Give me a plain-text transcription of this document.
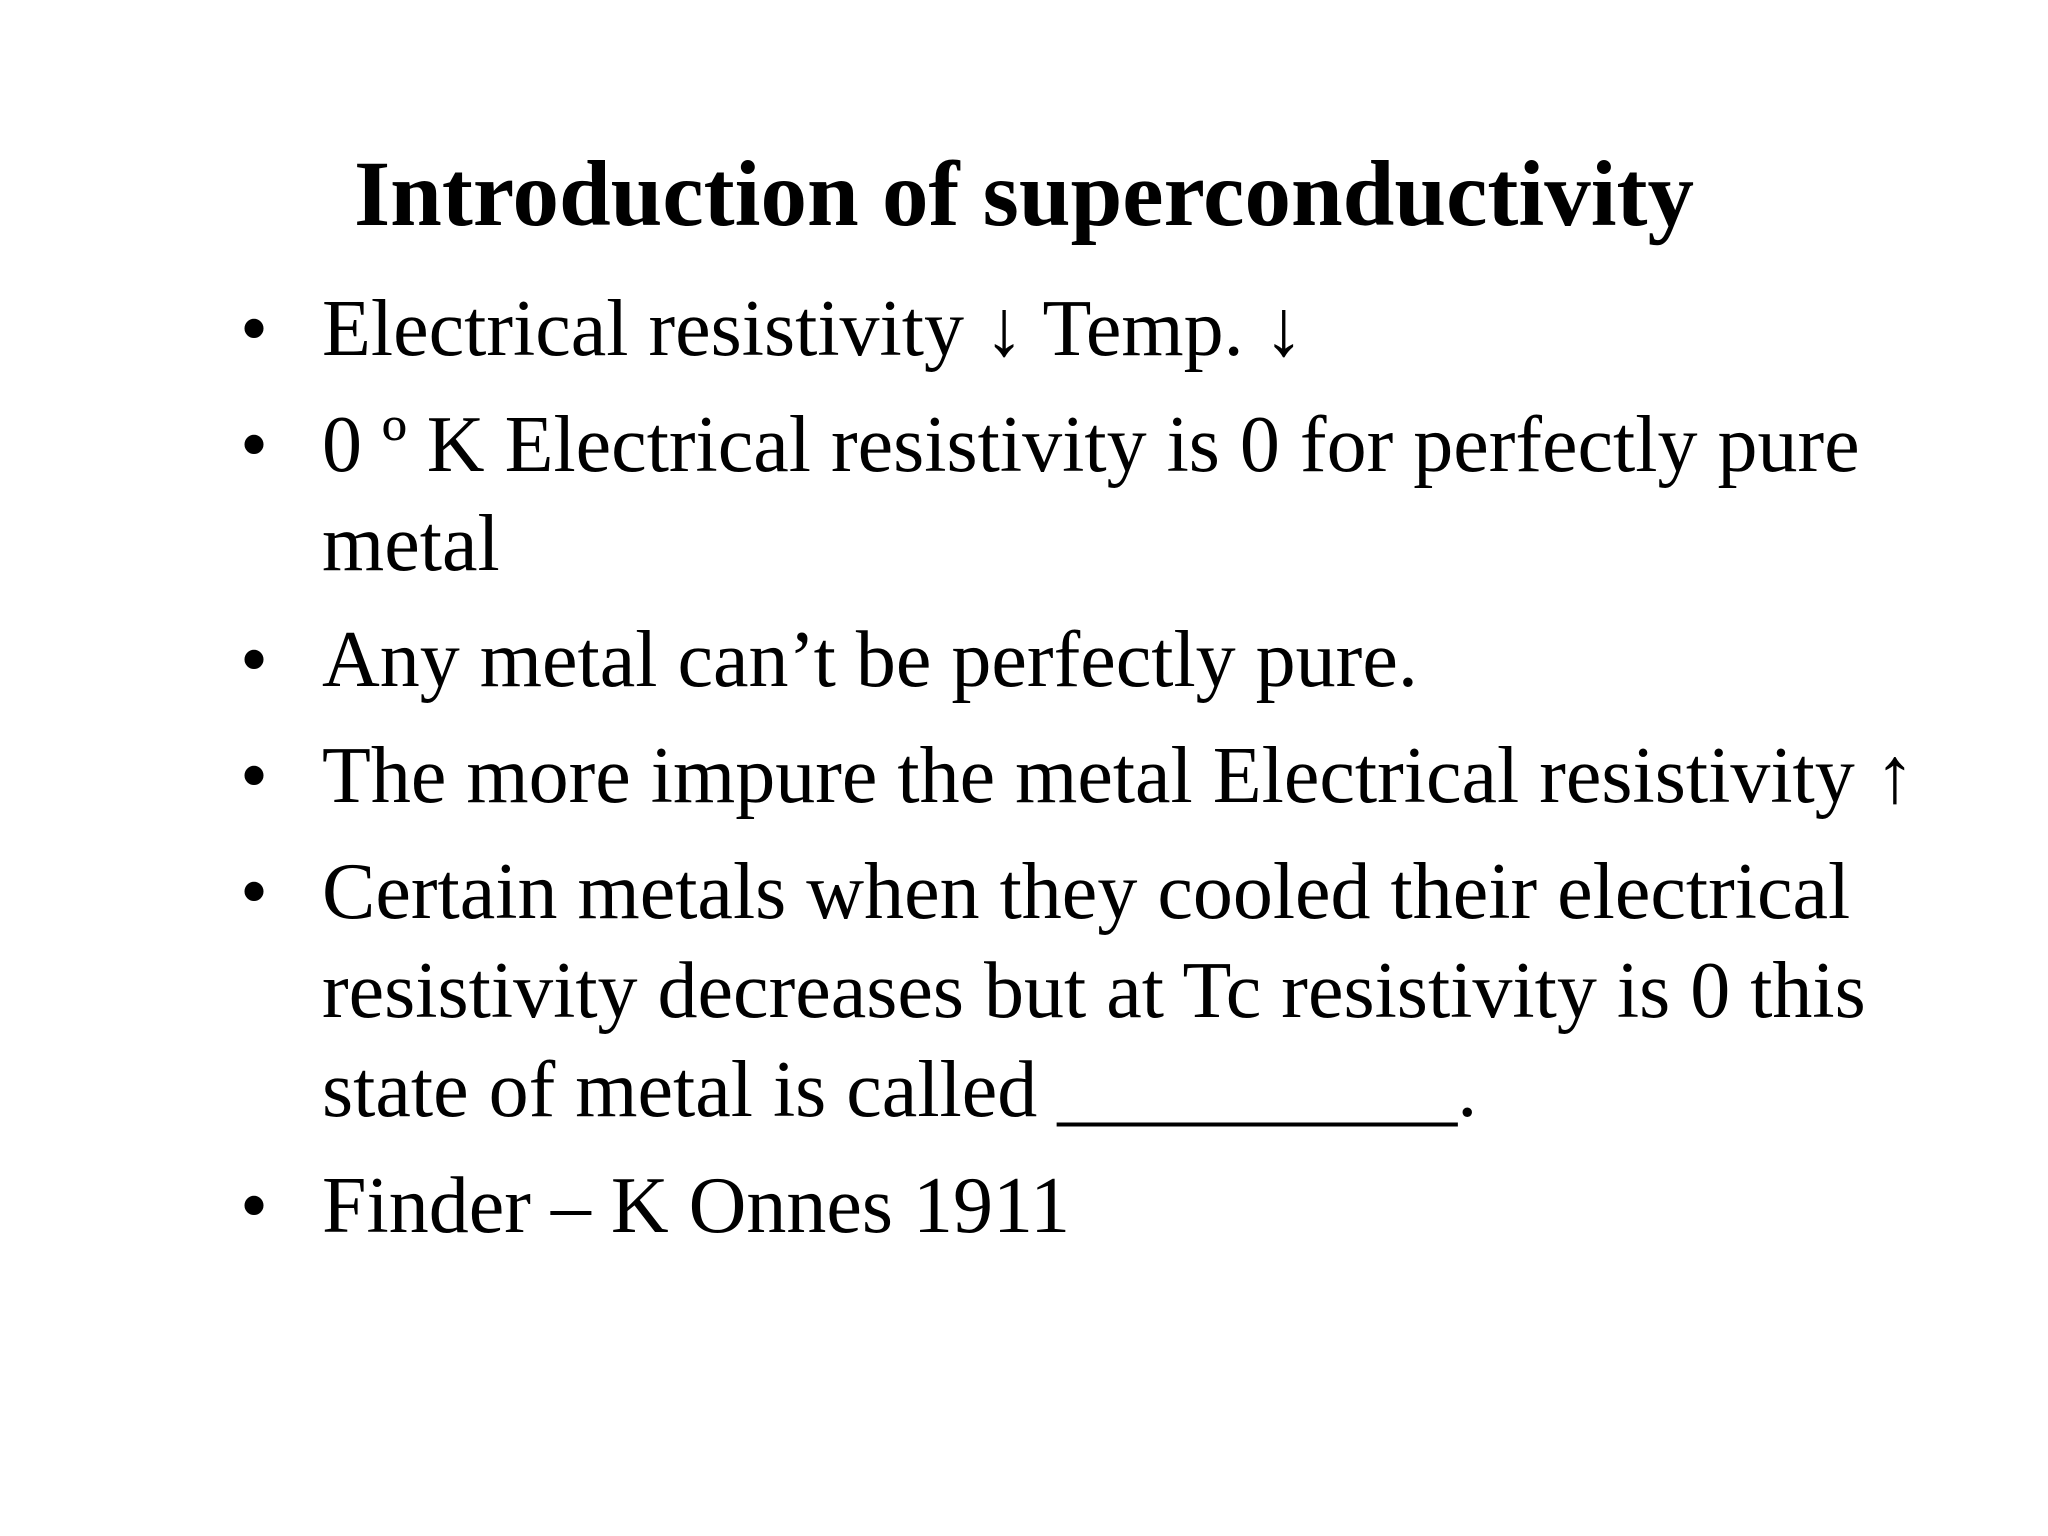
Introduction of superconductivity
• Electrical resistivity ↓ Temp. ↓
• 0 º K Electrical resistivity is 0 for perfectly pure metal
• Any metal can’t be perfectly pure.
• The more impure the metal Electrical resistivity ↑
• Certain metals when they cooled their electrical resistivity decreases but at Tc resistivity is 0 this state of metal is called __________.
• Finder – K Onnes 1911
